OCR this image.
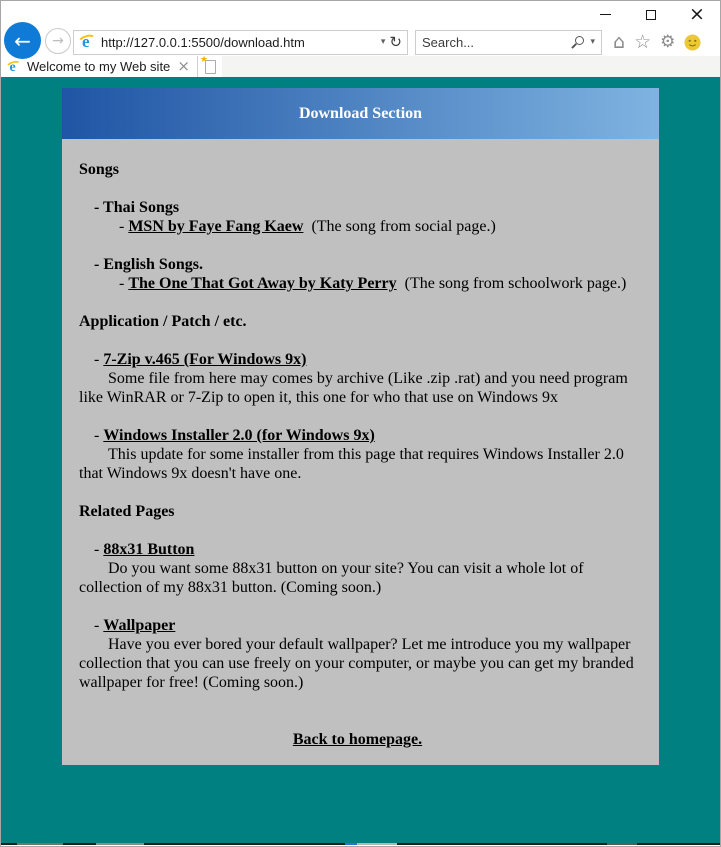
×
← → e http://127.0.0.1:5500/download.htm	▾ ↻
Search...	▾ ⌂ ☆ ⚙
e Welcome to my Web site ×	★
Download Section

Songs

- Thai Songs

- MSN by Faye Fang Kaew  (The song from social page.)

- English Songs.

- The One That Got Away by Katy Perry  (The song from schoolwork page.)

Application / Patch / etc.

- 7-Zip v.465 (For Windows 9x)

Some file from here may comes by archive (Like .zip .rat) and you need program like WinRAR or 7-Zip to open it, this one for who that use on Windows 9x

- Windows Installer 2.0 (for Windows 9x)

This update for some installer from this page that requires Windows Installer 2.0 that Windows 9x doesn't have one.

Related Pages

- 88x31 Button

Do you want some 88x31 button on your site? You can visit a whole lot of collection of my 88x31 button. (Coming soon.)

- Wallpaper

Have you ever bored your default wallpaper? Let me introduce you my wallpaper collection that you can use freely on your computer, or maybe you can get my branded wallpaper for free! (Coming soon.)

Back to homepage.
